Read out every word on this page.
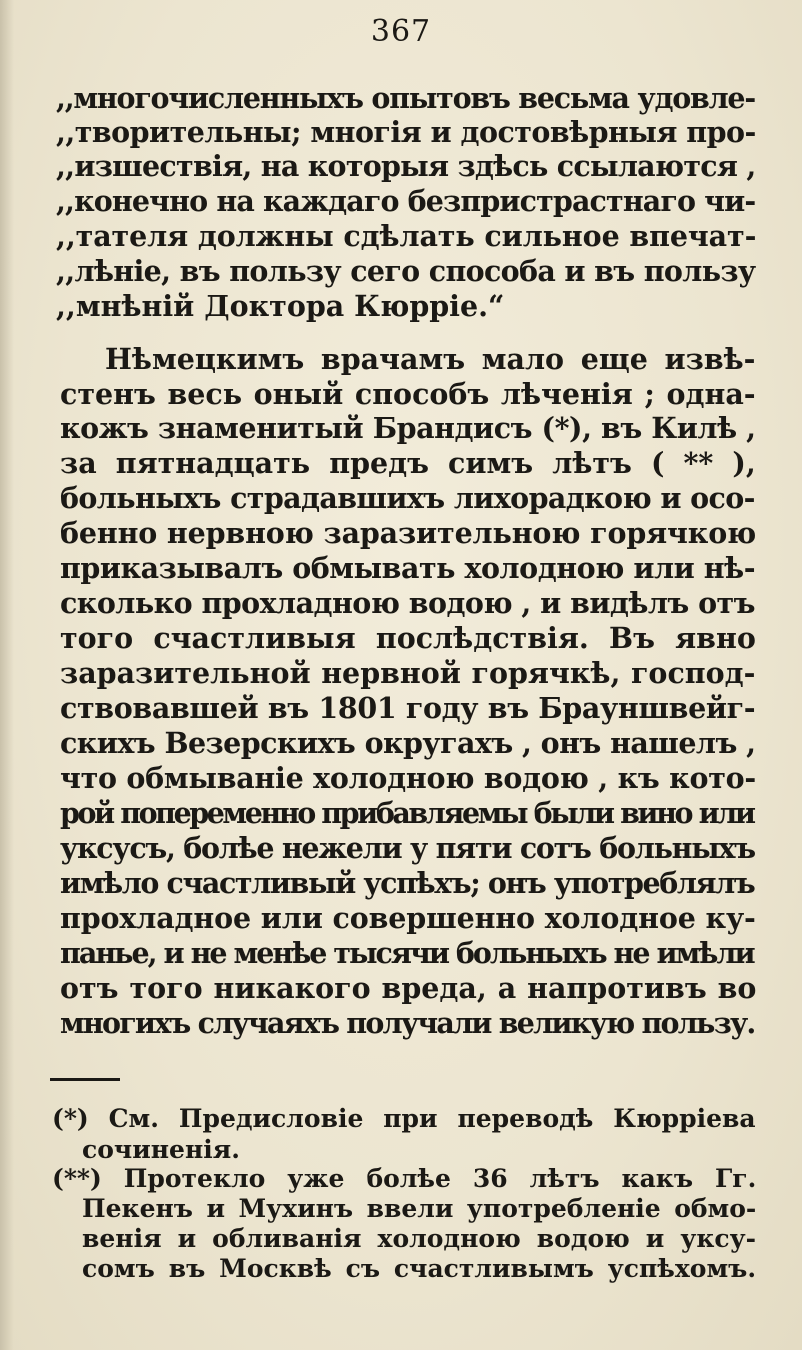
367
,,многочисленныхъ опытовъ весьма удовле-
,,творительны; многія и достовѣрныя про-
,,изшествія, на которыя здѣсь ссылаются ,
,,конечно на каждаго безпристрастнаго чи-
,,тателя должны сдѣлать сильное впечат-
,,лѣніе, въ пользу сего способа и въ пользу
,,мнѣній Доктора Кюрріе.“
Нѣмецкимъ врачамъ мало еще извѣ-
стенъ весь оный способъ лѣченія ; одна-
кожъ знаменитый Брандисъ (*), въ Килѣ ,
за пятнадцать предъ симъ лѣтъ ( ** ),
больныхъ страдавшихъ лихорадкою и осо-
бенно нервною заразительною горячкою
приказывалъ обмывать холодною или нѣ-
сколько прохладною водою , и видѣлъ отъ
того счастливыя послѣдствія. Въ явно
заразительной нервной горячкѣ, господ-
ствовавшей въ 1801 году въ Брауншвейг-
скихъ Везерскихъ округахъ , онъ нашелъ ,
что обмываніе холодною водою , къ кото-
рой попеременно прибавляемы были вино или
уксусъ, болѣе нежели у пяти сотъ больныхъ
имѣло счастливый успѣхъ; онъ употреблялъ
прохладное или совершенно холодное ку-
панье, и не менѣе тысячи больныхъ не имѣли
отъ того никакого вреда, а напротивъ во
многихъ случаяхъ получали великую пользу.
(*) См. Предисловіе при переводѣ Кюрріева
сочиненія.
(**) Протекло уже болѣе 36 лѣтъ какъ Гг.
Пекенъ и Мухинъ ввели употребленіе обмо-
венія и обливанія холодною водою и уксу-
сомъ въ Москвѣ съ счастливымъ успѣхомъ.
